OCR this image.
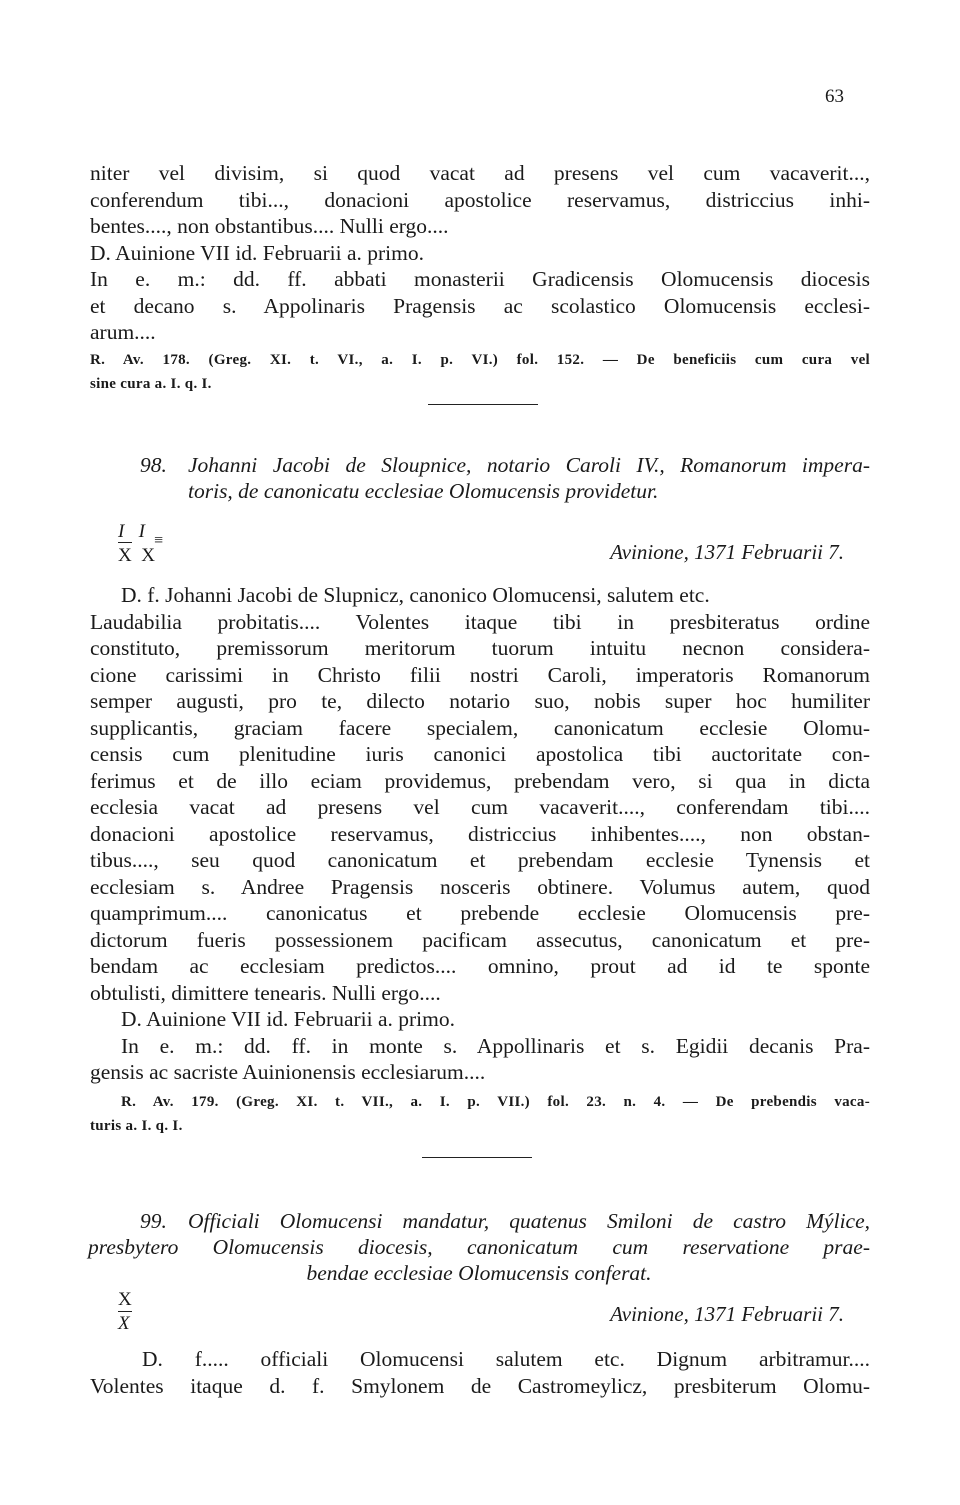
63
niter vel divisim, si quod vacat ad presens vel cum vacaverit...,
conferendum tibi..., donacioni apostolice reservamus, districcius inhi-
bentes...., non obstantibus.... Nulli ergo....
D. Auinione VII id. Februarii a. primo.
In e. m.: dd. ff. abbati monasterii Gradicensis Olomucensis diocesis
et decano s. Appolinaris Pragensis ac scolastico Olomucensis ecclesi-
arum....
R. Av. 178. (Greg. XI. t. VI., a. I. p. VI.) fol. 152. — De beneficiis cum cura vel
sine cura a. I. q. I.
98. Johanni Jacobi de Sloupnice, notario Caroli IV., Romanorum impera-
toris, de canonicatu ecclesiae Olomucensis providetur.
I   I ≡
X  X	Avinione, 1371 Februarii 7.
D. f. Johanni Jacobi de Slupnicz, canonico Olomucensi, salutem etc.
Laudabilia probitatis.... Volentes itaque tibi in presbiteratus ordine
constituto, premissorum meritorum tuorum intuitu necnon considera-
cione carissimi in Christo filii nostri Caroli, imperatoris Romanorum
semper augusti, pro te, dilecto notario suo, nobis super hoc humiliter
supplicantis, graciam facere specialem, canonicatum ecclesie Olomu-
censis cum plenitudine iuris canonici apostolica tibi auctoritate con-
ferimus et de illo eciam providemus, prebendam vero, si qua in dicta
ecclesia vacat ad presens vel cum vacaverit...., conferendam tibi....
donacioni apostolice reservamus, districcius inhibentes...., non obstan-
tibus...., seu quod canonicatum et prebendam ecclesie Tynensis et
ecclesiam s. Andree Pragensis nosceris obtinere. Volumus autem, quod
quamprimum.... canonicatus et prebende ecclesie Olomucensis pre-
dictorum fueris possessionem pacificam assecutus, canonicatum et pre-
bendam ac ecclesiam predictos.... omnino, prout ad id te sponte
obtulisti, dimittere tenearis. Nulli ergo....
D. Auinione VII id. Februarii a. primo.
In e. m.: dd. ff. in monte s. Appollinaris et s. Egidii decanis Pra-
gensis ac sacriste Auinionensis ecclesiarum....
R. Av. 179. (Greg. XI. t. VII., a. I. p. VII.) fol. 23. n. 4. — De prebendis vaca-
turis a. I. q. I.
99. Officiali Olomucensi mandatur, quatenus Smiloni de castro Mýlice,
presbytero Olomucensis diocesis, canonicatum cum reservatione prae-
bendae ecclesiae Olomucensis conferat.
X
X	Avinione, 1371 Februarii 7.
D. f..... officiali Olomucensi salutem etc. Dignum arbitramur....
Volentes itaque d. f. Smylonem de Castromeylicz, presbiterum Olomu-
